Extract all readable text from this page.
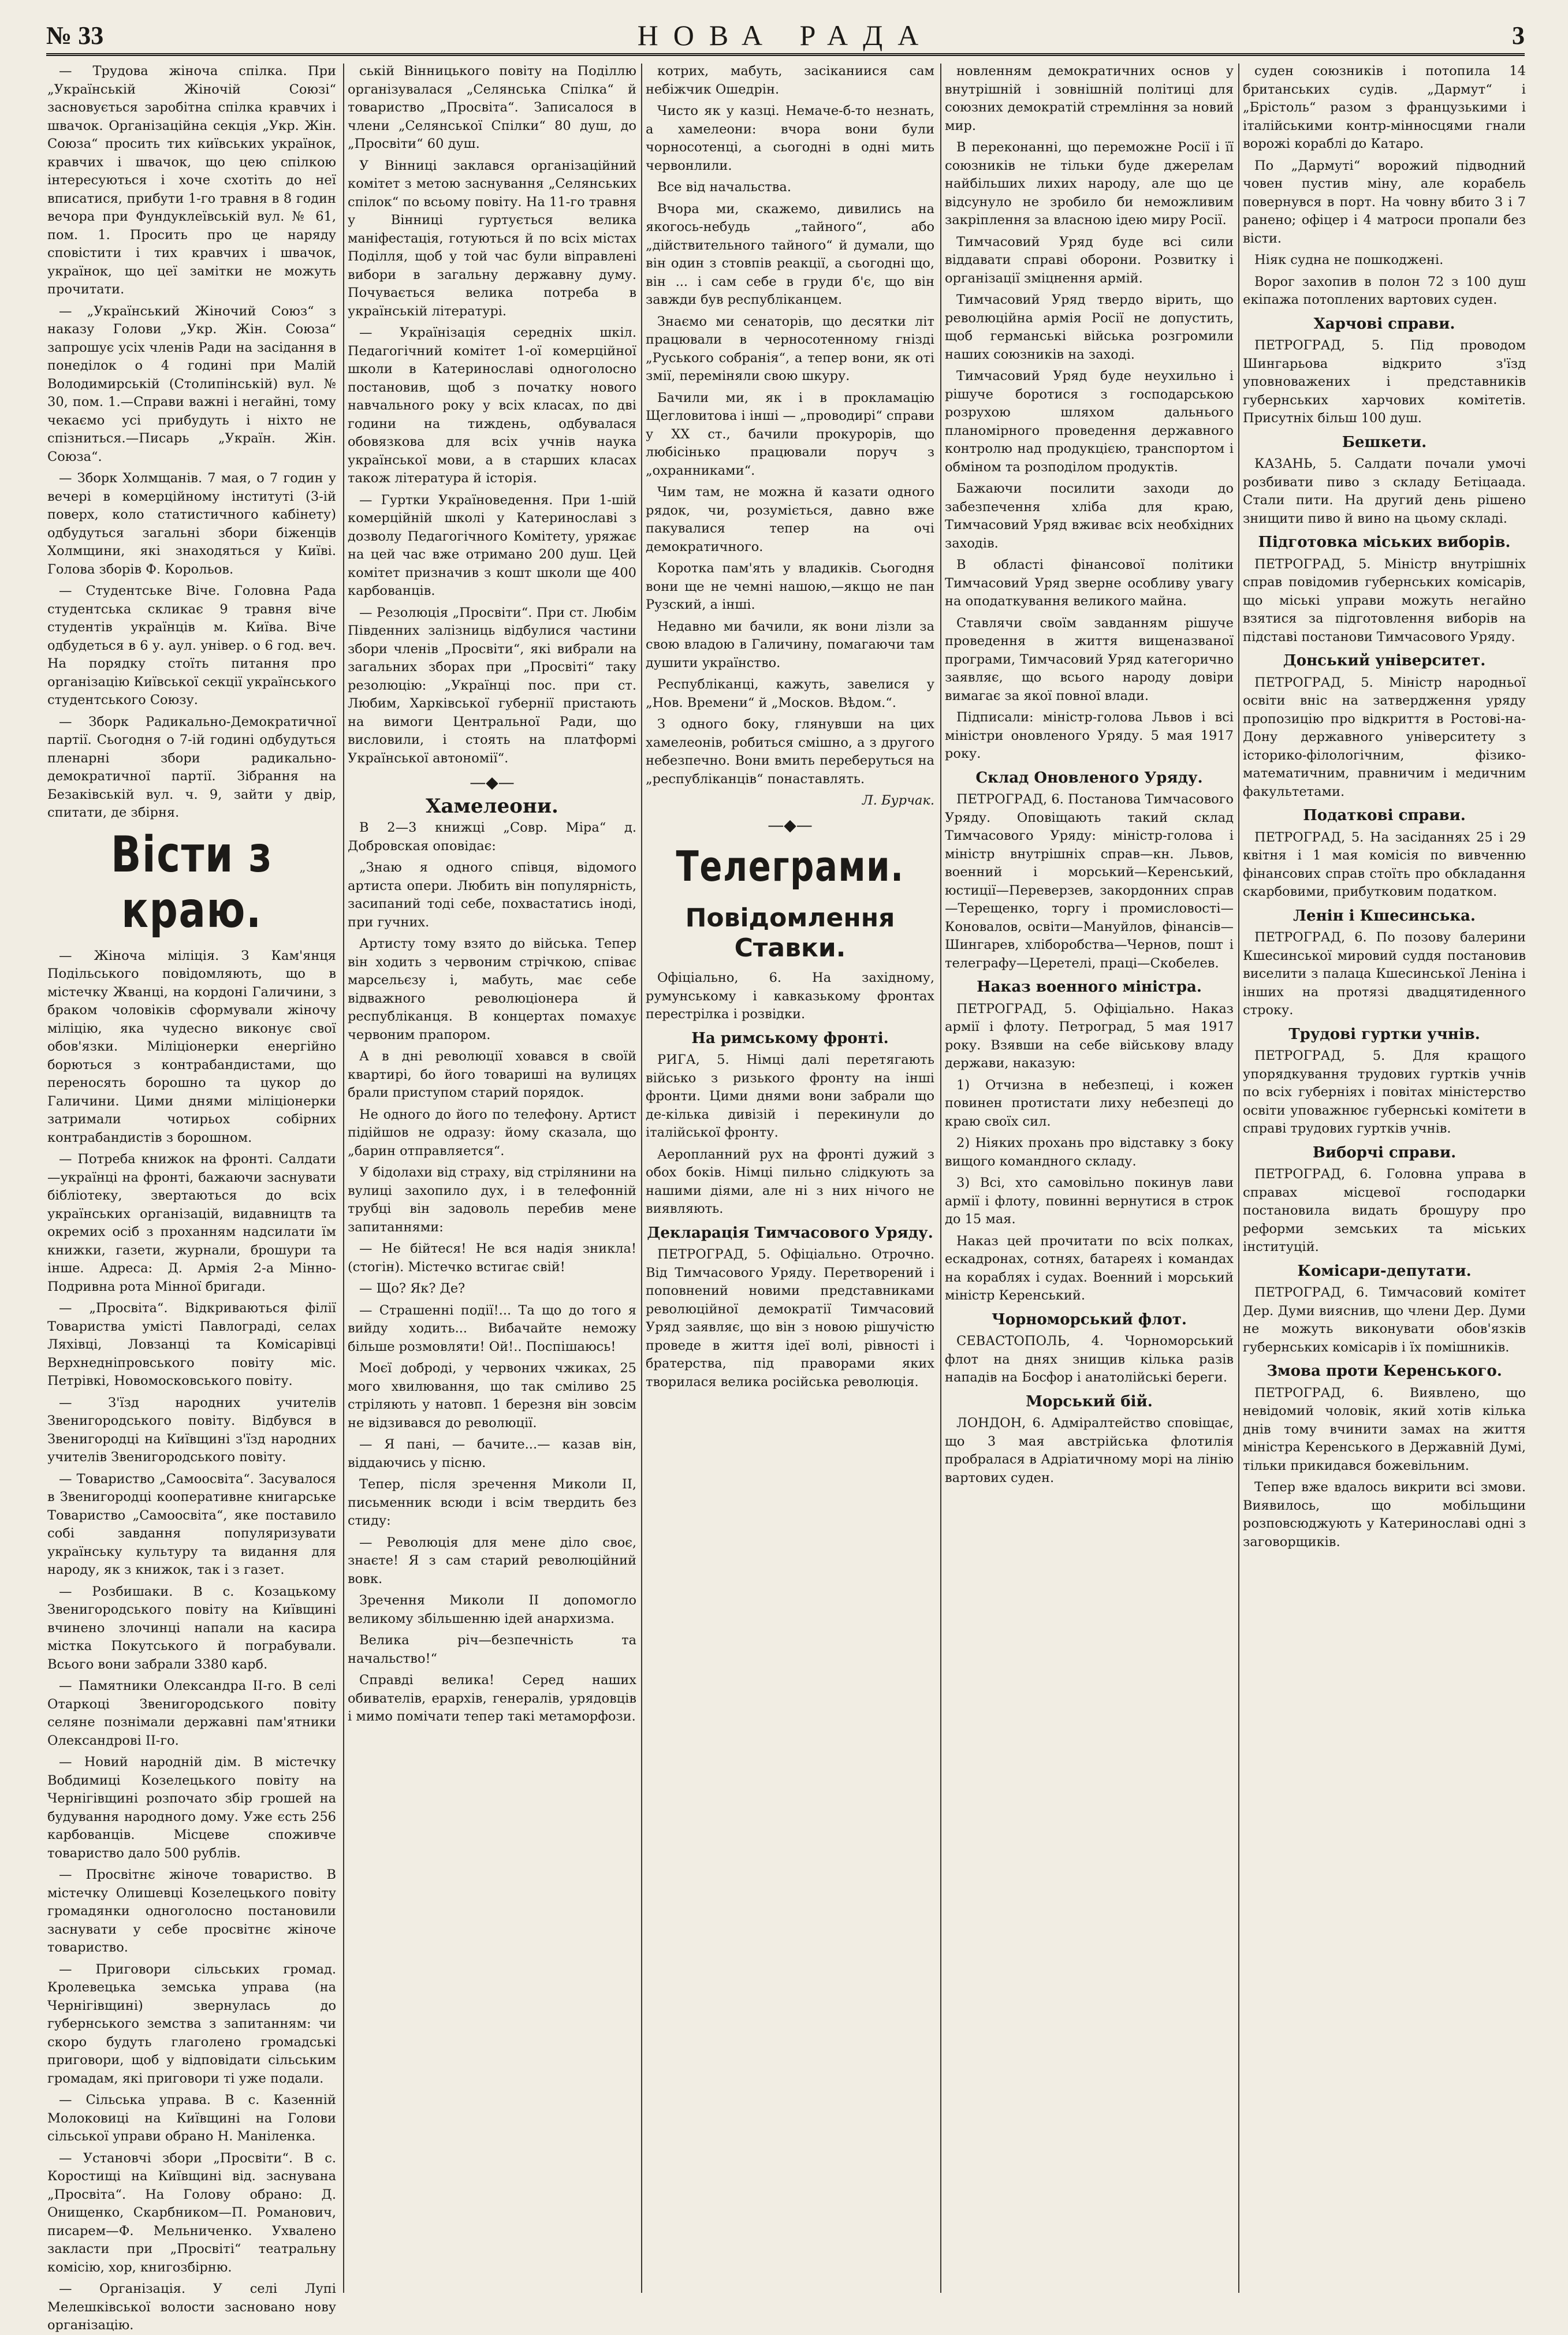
№ 33	НОВА РАДА	3

— Трудова жіноча спілка. При „Українській Жіночій Союзі“ засновується заробітна спілка кравчих і швачок. Організаційна секція „Укр. Жін. Союза“ просить тих київських українок, кравчих і швачок, що цею спілкою інтересуються і хоче схотіть до неї вписатися, прибути 1-го травня в 8 годин вечора при Фундуклеївській вул. № 61, пом. 1. Просить про це наряду сповістити і тих кравчих і швачок, українок, що цеї замітки не можуть прочитати.

— „Український Жіночий Союз“ з наказу Голови „Укр. Жін. Союза“ запрошує усіх членів Ради на засідання в понеділок о 4 годині при Малій Володимирській (Столипінській) вул. № 30, пом. 1.—Справи важні і негайні, тому чекаємо усі прибудуть і ніхто не спізниться.—Писарь „Україн. Жін. Союза“.

— Зборк Холмщанів. 7 мая, о 7 годин у вечері в комерційному інституті (3-ій поверх, коло статистичного кабінету) одбудуться загальні збори біженців Холмщини, які знаходяться у Київі. Голова зборів Ф. Корольов.

— Студентське Віче. Головна Рада студентська скликає 9 травня віче студентів українців м. Київа. Віче одбудеться в 6 у. аул. універ. о 6 год. веч. На порядку стоїть питання про організацію Київської секції українського студентського Союзу.

— Зборк Радикально-Демократичної партії. Сьогодня о 7-ій годині одбудуться пленарні збори радикально-демократичної партії. Зібрання на Безаківській вул. ч. 9, зайти у двір, спитати, де збірня.

Вісти з краю.

— Жіноча міліція. З Кам'янця Подільського повідомляють, що в містечку Жванці, на кордоні Галичини, з браком чоловіків сформували жіночу міліцію, яка чудесно виконує свої обов'язки. Міліціонерки енергійно борються з контрабандистами, що переносять борошно та цукор до Галичини. Цими днями міліціонерки затримали чотирьох собірних контрабандистів з борошном.

— Потреба книжок на фронті. Салдати—українці на фронті, бажаючи заснувати бібліотеку, звертаються до всіх українських організацій, видавництв та окремих осіб з проханням надсилати їм книжки, газети, журнали, брошури та інше. Адреса: Д. Армія 2-а Мінно-Подривна рота Мінної бригади.

— „Просвіта“. Відкриваються філії Товариства умісті Павлограді, селах Ляхівці, Ловзанці та Комісарівці Верхнедніпровського повіту міс. Петрівкі, Новомосковського повіту.

— З'їзд народних учителів Звенигородського повіту. Відбувся в Звенигородці на Київщині з'їзд народних учителів Звенигородського повіту.

— Товариство „Самоосвіта“. Засувалося в Звенигородці кооперативне книгарське Товариство „Самоосвіта“, яке поставило собі завдання популяризувати українську культуру та видання для народу, як з книжок, так і з газет.

— Розбишаки. В с. Козацькому Звенигородського повіту на Київщині вчинено злочинці напали на касира містка Покутського й пограбували. Всього вони забрали 3380 карб.

— Памятники Олександра II-го. В селі Отаркоці Звенигородського повіту селяне познімали державні пам'ятники Олександрові II-го.

— Новий народній дім. В містечку Вобдимиці Козелецького повіту на Чернігівщині розпочато збір грошей на будування народного дому. Уже єсть 256 карбованців. Місцеве споживче товариство дало 500 рублів.

— Просвітнє жіноче товариство. В містечку Олишевці Козелецького повіту громадянки одноголосно постановили заснувати у себе просвітнє жіноче товариство.

— Приговори сільських громад. Кролевецька земська управа (на Чернігівщині) звернулась до губернського земства з запитанням: чи скоро будуть глаголено громадські приговори, щоб у відповідати сільським громадам, які приговори ті уже подали.

— Сільська управа. В с. Казенній Молоковиці на Київщині на Голови сільської управи обрано Н. Маніленка.

— Установчі збори „Просвіти“. В с. Коростищі на Київщині від. заснувана „Просвіта“. На Голову обрано: Д. Онищенко, Скарбником—П. Романович, писарем—Ф. Мельниченко. Ухвалено закласти при „Просвіті“ театральну комісію, хор, книгозбірню.

— Організація. У селі Лупі Мелешківської волости засновано нову організацію.

ській Вінницького повіту на Поділлю організувалася „Селянська Спілка“ й товариство „Просвіта“. Записалося в члени „Селянської Спілки“ 80 душ, до „Просвіти“ 60 душ.

У Вінниці заклався організаційний комітет з метою заснування „Селянських спілок“ по всьому повіту. На 11-го травня у Вінниці гуртується велика маніфестація, готуються й по всіх містах Поділля, щоб у той час були віправлені вибори в загальну державну думу. Почувається велика потреба в українській літературі.

— Українізація середніх шкіл. Педагогічний комітет 1-ої комерційної школи в Катеринославі одноголосно постановив, щоб з початку нового навчального року у всіх класах, по дві години на тиждень, одбувалася обовязкова для всіх учнів наука української мови, а в старших класах також література й історія.

— Гуртки Україноведення. При 1-шій комерційній школі у Катеринославі з дозволу Педагогічного Комітету, уряжає на цей час вже отримано 200 душ. Цей комітет призначив з кошт школи ще 400 карбованців.

— Резолюція „Просвіти“. При ст. Любім Південних залізниць відбулися частини збори членів „Просвіти“, які вибрали на загальних зборах при „Просвіті“ таку резолюцію: „Українці пос. при ст. Любим, Харківської губернії пристають на вимоги Центральної Ради, що висловили, і стоять на платформі Української автономії“.

—◆—
Хамелеони.

В 2—3 книжці „Совр. Міра“ д. Добровская оповідає:

„Знаю я одного співця, відомого артиста опери. Любить він популярність, засипаний тоді себе, похвастатись іноді, при гучних.

Артисту тому взято до війська. Тепер він ходить з червоним стрічкою, співає марсельєзу і, мабуть, має себе відважного революціонера й республіканця. В концертах помахує червоним прапором.

А в дні революції ховався в своїй квартирі, бо його товариші на вулицях брали приступом старий порядок.

Не одного до його по телефону. Артист підійшов не одразу: йому сказала, що „барин отправляется“.

У бідолахи від страху, від стрілянини на вулиці захопило дух, і в телефонній трубці він задоволь перебив мене запитаннями:

— Не бійтеся! Не вся надія зникла! (стогін). Містечко встигає свій!

— Що? Як? Де?

— Страшенні події!... Та що до того я вийду ходить... Вибачайте неможу більше розмовляти! Ой!.. Поспішаюсь!

Моєї доброді, у червоних чжиках, 25 мого хвилювання, що так сміливо 25 стріляють у натовп. 1 березня він зовсім не відзивався до революції.

— Я пані, — бачите...— казав він, віддаючись у пісню.

Тепер, після зречення Миколи II, письменник всюди і всім твердить без стиду:

— Революція для мене ділo своє, знаєте! Я з сам старий революційний вовк.

Зречення Миколи II допомогло великому збільшенню ідей анархизма.

Велика річ—безпечність та начальство!“

Справді велика! Серед наших обивателів, ерархів, генералів, урядовців і мимо помічати тепер такі метаморфози.

котрих, мабуть, засіканиися сам небіжчик Ошедрін.

Чисто як у казці. Немаче-б-то незнать, а хамелеони: вчора вони були чорносотенці, а сьогодні в одні мить червонлили.

Все від начальства.

Вчора ми, скажемо, дивились на якогось-небудь „тайного“, або „дійствительного тайного“ й думали, що він один з стовпів реакції, а сьогодні що, він ... і сам себе в груди б'є, що він завжди був республіканцем.

Знаємо ми сенаторів, що десятки літ працювали в черносотенному гнізді „Руського собранія“, а тепер вони, як оті змії, переміняли свою шкуру.

Бачили ми, як і в прокламацію Щегловитова і інші — „проводирі“ справи у XX ст., бачили прокурорів, що любісінько працювали поруч з „охранниками“.

Чим там, не можна й казати одного рядок, чи, розуміється, давно вже пакувалися тепер на очі демократичного.

Коротка пам'ять у владиків. Сьогодня вони ще не чемні нашою,—якщо не пан Рузский, а інші.

Недавно ми бачили, як вони лізли за свою владою в Галичину, помагаючи там душити українство.

Республіканці, кажуть, завелися у „Нов. Времени“ й „Москов. Вѣдом.“.

З одного боку, глянувши на цих хамелеонів, робиться смішно, а з другого небезпечно. Вони вмить переберуться на „республіканців“ понаставлять.

Л. Бурчак.

—◆—
Телеграми.
Повідомлення Ставки.

Офіціально, 6. На західному, румунському і кавказькому фронтах перестрілка і розвідки.

На римському фронті.

РИГА, 5. Німці далі перетягають військо з ризького фронту на інші фронти. Цими днями вони забрали що де-кілька дивізій і перекинули до італійської фронту.

Аеропланний рух на фронті дужий з обох боків. Німці пильно слідкують за нашими діями, але ні з них нічого не виявляють.

Декларація Тимчасового Уряду.

ПЕТРОГРАД, 5. Офіціально. Отрочно. Від Тимчасового Уряду. Перетворений і поповнений новими представниками революційної демократії Тимчасовий Уряд заявляє, що він з новою рішучістю проведе в життя ідеї волі, рівності і братерства, під праворами яких творилася велика російська революція.

новленням демократичних основ у внутрішній і зовнішній політиці для союзних демократій стремління за новий мир.

В переконанні, що переможне Росії і її союзників не тільки буде джерелам найбільших лихих народу, але що це відсунуло не зробило би неможливим закріплення за власною ідею миру Росії.

Тимчасовий Уряд буде всі сили віддавати справі оборони. Розвитку і організації зміцнення армій.

Тимчасовий Уряд твердо вірить, що революційна армія Росії не допустить, щоб германські війська розгромили наших союзників на заході.

Тимчасовий Уряд буде неухильно і рішуче боротися з господарською розрухою шляхом дальнього планомірного проведення державного контролю над продукцією, транспортом і обміном та розподілом продуктів.

Бажаючи посилити заходи до забезпечення хліба для краю, Тимчасовий Уряд вживає всіх необхідних заходів.

В області фінансової політики Тимчасовий Уряд зверне особливу увагу на оподаткування великого майна.

Ставлячи своїм завданням рішуче проведення в життя вищеназваної програми, Тимчасовий Уряд категорично заявляє, що всього народу довіри вимагає за якої повної влади.

Підписали: міністр-голова Львов і всі міністри оновленого Уряду. 5 мая 1917 року.

Склад Оновленого Уряду.

ПЕТРОГРАД, 6. Постанова Тимчасового Уряду. Оповіщають такий склад Тимчасового Уряду: міністр-голова і міністр внутрішніх справ—кн. Львов, военний і морський—Керенський, юстиції—Переверзев, закордонних справ—Терещенко, торгу і промисловості—Коновалов, освіти—Мануйлов, фінансів—Шингарев, хліборобства—Чернов, пошт і телеграфу—Церетелі, праці—Скобелев.

Наказ военного міністра.

ПЕТРОГРАД, 5. Офіціально. Наказ армії і флоту. Петроград, 5 мая 1917 року. Взявши на себе військову владу держави, наказую:

1) Отчизна в небезпеці, і кожен повинен протистати лиху небезпеці до краю своїх сил.

2) Ніяких прохань про відставку з боку вищого командного складу.

3) Всі, хто самовільно покинув лави армії і флоту, повинні вернутися в строк до 15 мая.

Наказ цей прочитати по всіх полках, ескадронах, сотнях, батареях і командах на кораблях і судах. Военний і морський міністр Керенський.

Чорноморський флот.

СЕВАСТОПОЛЬ, 4. Чорноморський флот на днях знищив кілька разів нападів на Босфор і анатолійські береги.

Морський бій.

ЛОНДОН, 6. Адміралтейство сповіщає, що 3 мая австрійська флотилія пробралася в Адріатичному морі на лінію вартових суден.

суден союзників і потопила 14 британських судів. „Дармут“ і „Брістоль“ разом з французькими і італійськими контр-мінносцями гнали ворожі кораблі до Катаро.

По „Дармуті“ ворожий підводний човен пустив міну, але корабель повернувся в порт. На човну вбито 3 і 7 ранено; офіцер і 4 матроси пропали без вісти.

Ніяк судна не пошкоджені.

Ворог захопив в полон 72 з 100 душ екіпажа потоплених вартових суден.

Харчові справи.

ПЕТРОГРАД, 5. Під проводом Шингарьова відкрито з'їзд уповноважених і представників губернських харчових комітетів. Присутніх більш 100 душ.

Бешкети.

КАЗАНЬ, 5. Салдати почали умочі розбивати пиво з складу Бетіцаада. Стали пити. На другий день рішено знищити пиво й вино на цьому складі.

Підготовка міських виборів.

ПЕТРОГРАД, 5. Міністр внутрішніх справ повідомив губернських комісарів, що міські управи можуть негайно взятися за підготовлення виборів на підставі постанови Тимчасового Уряду.

Донський університет.

ПЕТРОГРАД, 5. Міністр народньої освіти вніс на затвердження уряду пропозицію про відкриття в Ростові-на-Дону державного університету з історико-філологічним, фізико-математичним, правничим і медичним факультетами.

Податкові справи.

ПЕТРОГРАД, 5. На засіданнях 25 і 29 квітня і 1 мая комісія по вивченню фінансових справ стоїть про обкладання скарбовими, прибутковим податком.

Ленін і Кшесинська.

ПЕТРОГРАД, 6. По позову балерини Кшесинської мировий суддя постановив виселити з палаца Кшесинської Леніна і інших на протязі двадцятиденного строку.

Трудові гуртки учнів.

ПЕТРОГРАД, 5. Для кращого упорядкування трудових гуртків учнів по всіх губерніях і повітах міністерство освіти уповажнює губернські комітети в справі трудових гуртків учнів.

Виборчі справи.

ПЕТРОГРАД, 6. Головна управа в справах місцевої господарки постановила видать брошуру про реформи земських та міських інституцій.

Комісари-депутати.

ПЕТРОГРАД, 6. Тимчасовий комітет Дер. Думи вияснив, що члени Дер. Думи не можуть виконувати обов'язків губернських комісарів і їх помішників.

Змова проти Керенського.

ПЕТРОГРАД, 6. Виявлено, що невідомий чоловік, який хотів кілька днів тому вчинити замах на життя міністра Керенського в Державній Думі, тільки прикидався божевільним.

Тепер вже вдалось викрити всі змови. Виявилось, що мобільщини розповсюджують у Катеринославі одні з заговорщиків.
